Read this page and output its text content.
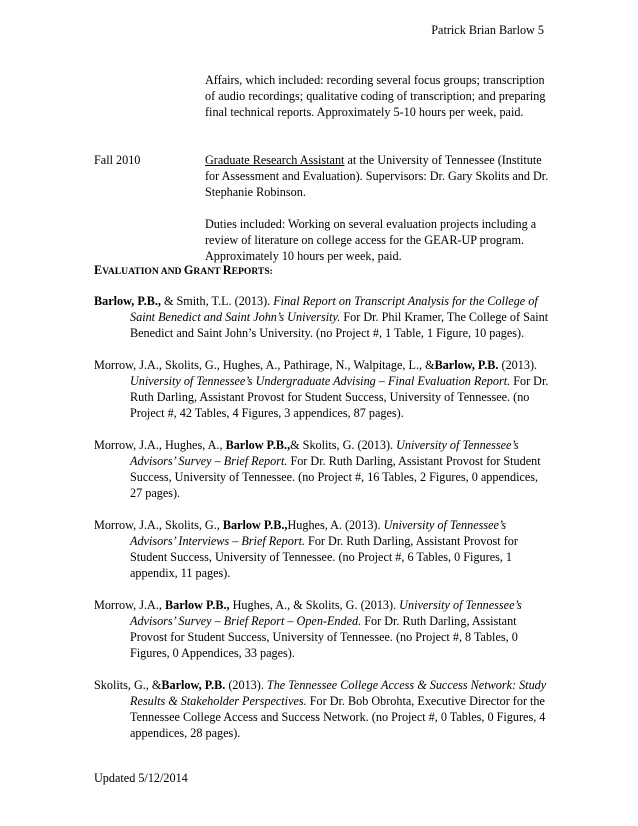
Patrick Brian Barlow 5

Affairs, which included: recording several focus groups; transcription of audio recordings; qualitative coding of transcription; and preparing final technical reports. Approximately 5-10 hours per week, paid.

Fall 2010	Graduate Research Assistant at the University of Tennessee (Institute for Assessment and Evaluation). Supervisors: Dr. Gary Skolits and Dr. Stephanie Robinson.

Duties included: Working on several evaluation projects including a review of literature on college access for the GEAR-UP program. Approximately 10 hours per week, paid.

EVALUATION AND GRANT REPORTS:

Barlow, P.B., & Smith, T.L. (2013). Final Report on Transcript Analysis for the College of Saint Benedict and Saint John’s University. For Dr. Phil Kramer, The College of Saint Benedict and Saint John’s University. (no Project #, 1 Table, 1 Figure, 10 pages).

Morrow, J.A., Skolits, G., Hughes, A., Pathirage, N., Walpitage, L., &Barlow, P.B. (2013). University of Tennessee’s Undergraduate Advising – Final Evaluation Report. For Dr. Ruth Darling, Assistant Provost for Student Success, University of Tennessee. (no Project #, 42 Tables, 4 Figures, 3 appendices, 87 pages).

Morrow, J.A., Hughes, A., Barlow P.B.,& Skolits, G. (2013). University of Tennessee’s Advisors’ Survey – Brief Report. For Dr. Ruth Darling, Assistant Provost for Student Success, University of Tennessee. (no Project #, 16 Tables, 2 Figures, 0 appendices, 27 pages).

Morrow, J.A., Skolits, G., Barlow P.B.,Hughes, A. (2013). University of Tennessee’s Advisors’ Interviews – Brief Report. For Dr. Ruth Darling, Assistant Provost for Student Success, University of Tennessee. (no Project #, 6 Tables, 0 Figures, 1 appendix, 11 pages).

Morrow, J.A., Barlow P.B., Hughes, A., & Skolits, G. (2013). University of Tennessee’s Advisors’ Survey – Brief Report – Open-Ended. For Dr. Ruth Darling, Assistant Provost for Student Success, University of Tennessee. (no Project #, 8 Tables, 0 Figures, 0 Appendices, 33 pages).

Skolits, G., &Barlow, P.B. (2013). The Tennessee College Access & Success Network: Study Results & Stakeholder Perspectives. For Dr. Bob Obrohta, Executive Director for the Tennessee College Access and Success Network. (no Project #, 0 Tables, 0 Figures, 4 appendices, 28 pages).

Updated 5/12/2014
